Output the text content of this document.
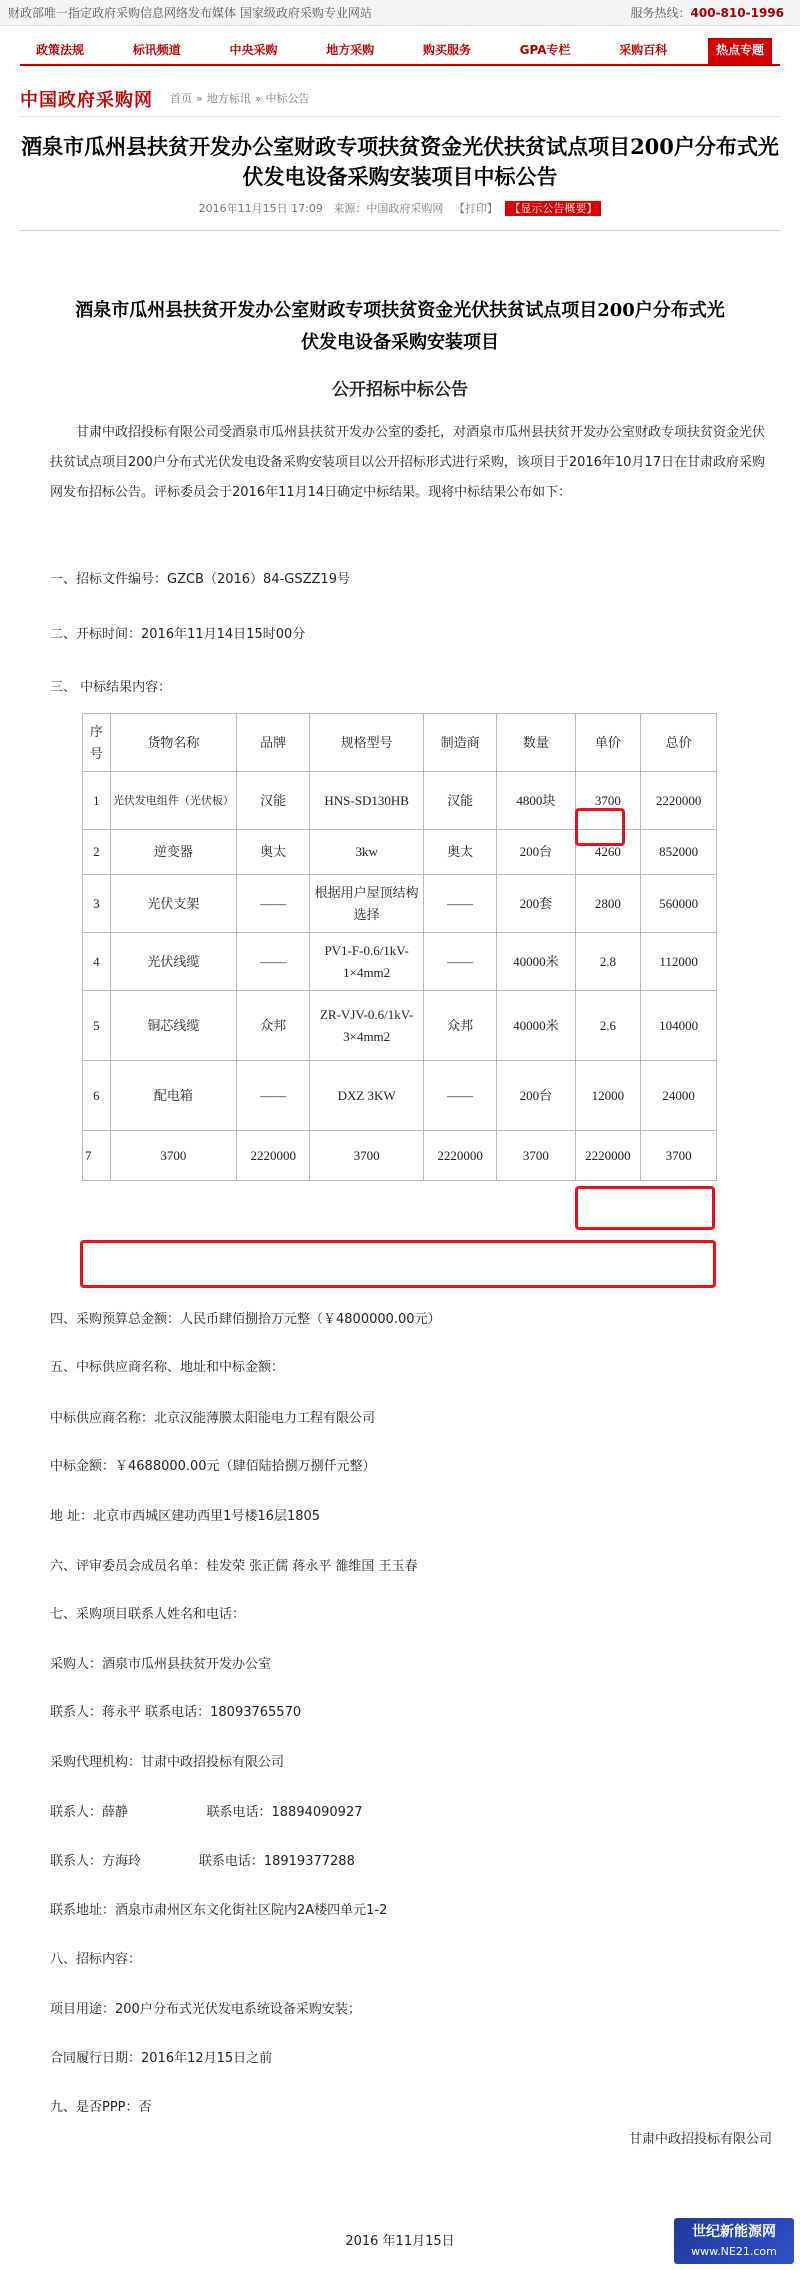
财政部唯一指定政府采购信息网络发布媒体 国家级政府采购专业网站	服务热线：400-810-1996
政策法规	标讯频道	中央采购	地方采购	购买服务	GPA专栏	采购百科	热点专题
中国政府采购网 首页 » 地方标讯 » 中标公告
酒泉市瓜州县扶贫开发办公室财政专项扶贫资金光伏扶贫试点项目200户分布式光伏发电设备采购安装项目中标公告
2016年11月15日 17:09 来源：中国政府采购网 【打印】 【显示公告概要】
酒泉市瓜州县扶贫开发办公室财政专项扶贫资金光伏扶贫试点项目200户分布式光伏发电设备采购安装项目
公开招标中标公告
甘肃中政招投标有限公司受酒泉市瓜州县扶贫开发办公室的委托，对酒泉市瓜州县扶贫开发办公室财政专项扶贫资金光伏扶贫试点项目200户分布式光伏发电设备采购安装项目以公开招标形式进行采购，该项目于2016年10月17日在甘肃政府采购网发布招标公告。评标委员会于2016年11月14日确定中标结果。现将中标结果公布如下：
一、招标文件编号：GZCB（2016）84-GSZZ19号
二、开标时间：2016年11月14日15时00分
三、 中标结果内容：
序号	货物名称	品牌	规格型号	制造商	数量	单价	总价
1	光伏发电组件（光伏板）	汉能	HNS-SD130HB	汉能	4800块	3700	2220000
2	逆变器	奥太	3kw	奥太	200台	4260	852000
3	光伏支架	——	根据用户屋顶结构选择	——	200套	2800	560000
4	光伏线缆	——	PV1-F-0.6/1kV-1×4mm2	——	40000米	2.8	112000
5	铜芯线缆	众邦	ZR-VJV-0.6/1kV-3×4mm2	众邦	40000米	2.6	104000
6	配电箱	——	DXZ 3KW	——	200台	12000	24000
7	3700	2220000	3700	2220000	3700	2220000	3700
四、采购预算总金额：人民币肆佰捌拾万元整（￥4800000.00元）
五、中标供应商名称、地址和中标金额：
中标供应商名称：北京汉能薄膜太阳能电力工程有限公司
中标金额：￥4688000.00元（肆佰陆拾捌万捌仟元整）
地 址：北京市西城区建功西里1号楼16层1805
六、评审委员会成员名单：桂发荣 张正儒 蒋永平 雒维国 王玉春
七、采购项目联系人姓名和电话：
采购人：酒泉市瓜州县扶贫开发办公室
联系人：蒋永平 联系电话：18093765570
采购代理机构：甘肃中政招投标有限公司
联系人：薛静                   联系电话：18894090927
联系人：方海玲              联系电话：18919377288
联系地址：酒泉市肃州区东文化街社区院内2A楼四单元1-2
八、招标内容：
项目用途：200户分布式光伏发电系统设备采购安装；
合同履行日期：2016年12月15日之前
九、是否PPP：否
甘肃中政招投标有限公司
2016 年11月15日
世纪新能源网
www.NE21.com
